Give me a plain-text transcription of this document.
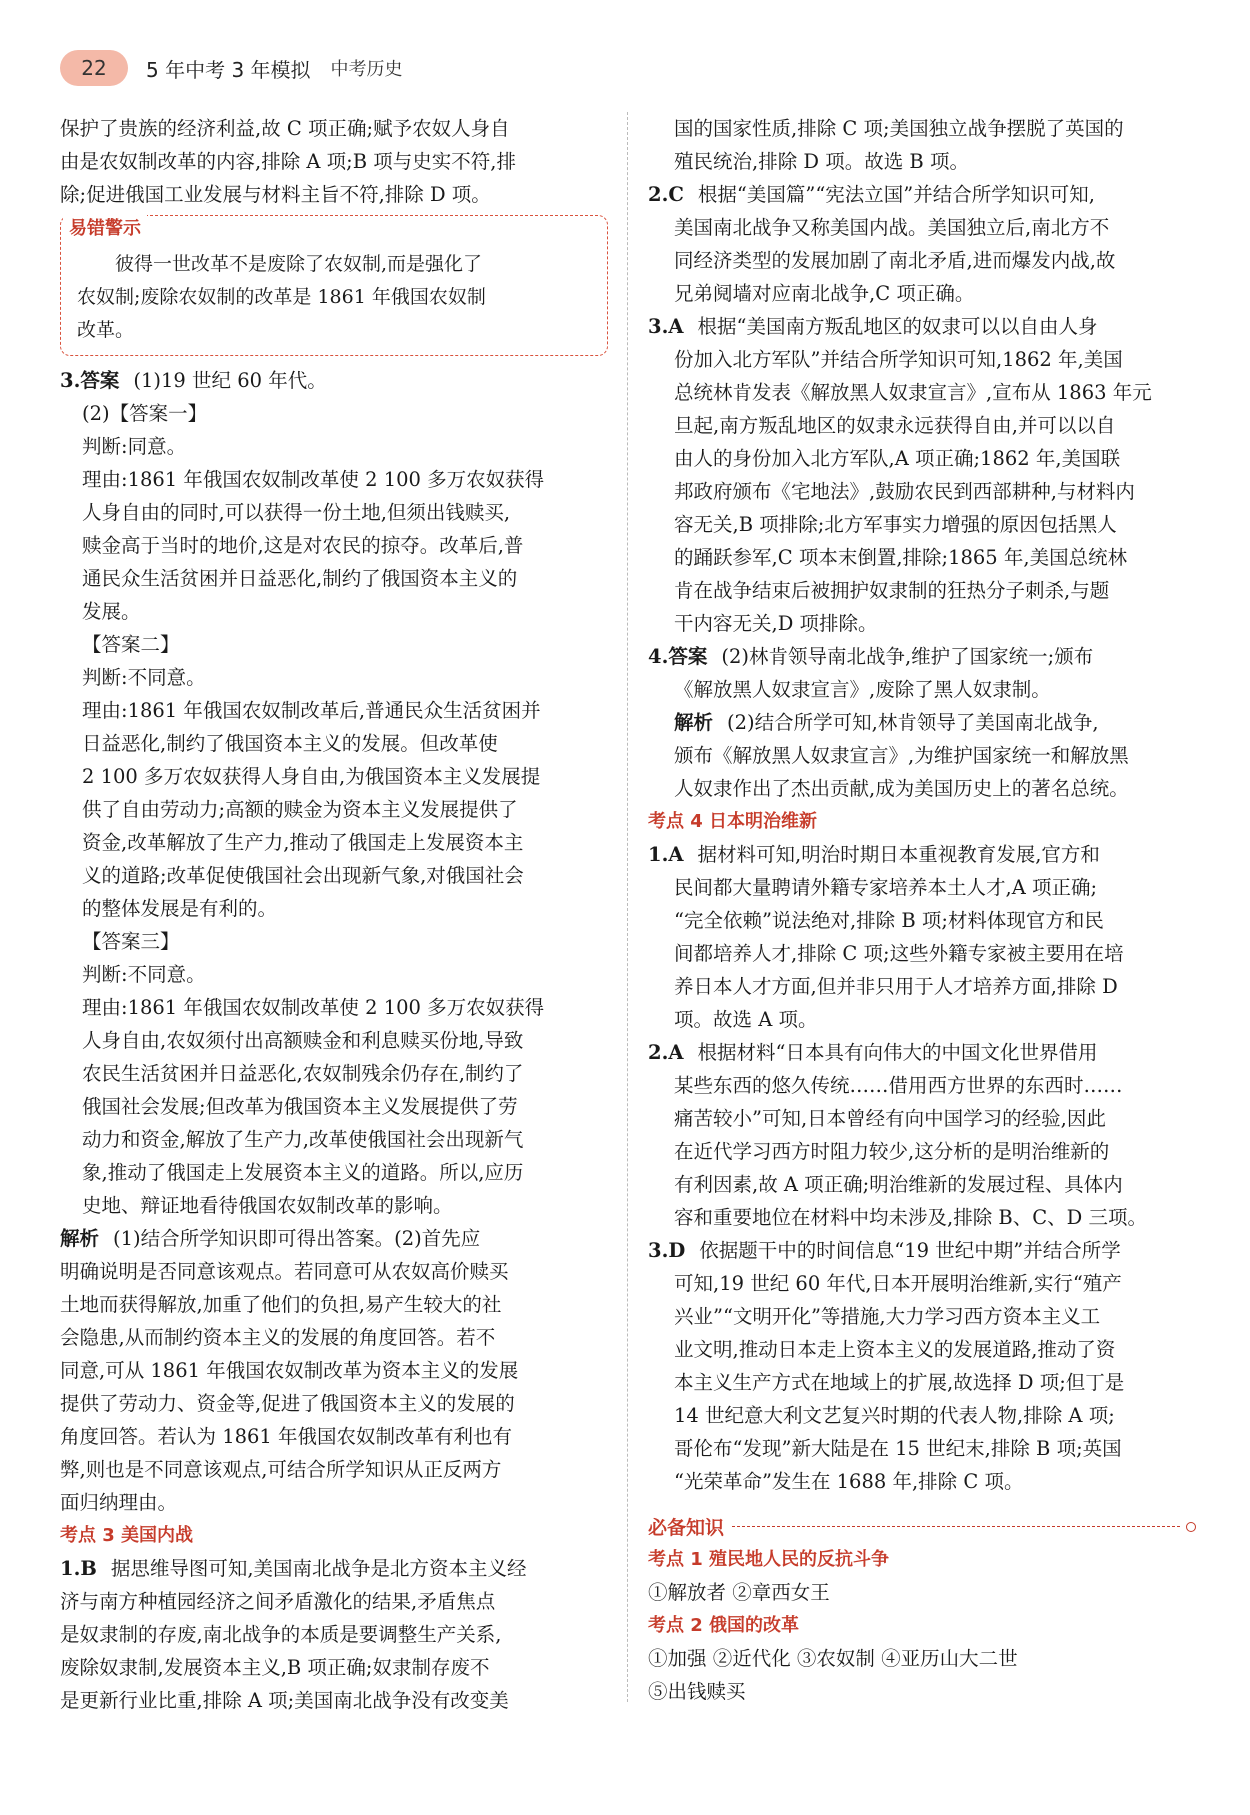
22	5 年中考 3 年模拟 中考历史
保护了贵族的经济利益,故 C 项正确;赋予农奴人身自
由是农奴制改革的内容,排除 A 项;B 项与史实不符,排
除;促进俄国工业发展与材料主旨不符,排除 D 项。
易错警示
彼得一世改革不是废除了农奴制,而是强化了
农奴制;废除农奴制的改革是 1861 年俄国农奴制
改革。
3.答案 (1)19 世纪 60 年代。
(2)【答案一】
判断:同意。
理由:1861 年俄国农奴制改革使 2 100 多万农奴获得
人身自由的同时,可以获得一份土地,但须出钱赎买,
赎金高于当时的地价,这是对农民的掠夺。改革后,普
通民众生活贫困并日益恶化,制约了俄国资本主义的
发展。
【答案二】
判断:不同意。
理由:1861 年俄国农奴制改革后,普通民众生活贫困并
日益恶化,制约了俄国资本主义的发展。但改革使
2 100 多万农奴获得人身自由,为俄国资本主义发展提
供了自由劳动力;高额的赎金为资本主义发展提供了
资金,改革解放了生产力,推动了俄国走上发展资本主
义的道路;改革促使俄国社会出现新气象,对俄国社会
的整体发展是有利的。
【答案三】
判断:不同意。
理由:1861 年俄国农奴制改革使 2 100 多万农奴获得
人身自由,农奴须付出高额赎金和利息赎买份地,导致
农民生活贫困并日益恶化,农奴制残余仍存在,制约了
俄国社会发展;但改革为俄国资本主义发展提供了劳
动力和资金,解放了生产力,改革使俄国社会出现新气
象,推动了俄国走上发展资本主义的道路。所以,应历
史地、辩证地看待俄国农奴制改革的影响。
解析 (1)结合所学知识即可得出答案。(2)首先应
明确说明是否同意该观点。若同意可从农奴高价赎买
土地而获得解放,加重了他们的负担,易产生较大的社
会隐患,从而制约资本主义的发展的角度回答。若不
同意,可从 1861 年俄国农奴制改革为资本主义的发展
提供了劳动力、资金等,促进了俄国资本主义的发展的
角度回答。若认为 1861 年俄国农奴制改革有利也有
弊,则也是不同意该观点,可结合所学知识从正反两方
面归纳理由。
考点 3 美国内战
1.B 据思维导图可知,美国南北战争是北方资本主义经
济与南方种植园经济之间矛盾激化的结果,矛盾焦点
是奴隶制的存废,南北战争的本质是要调整生产关系,
废除奴隶制,发展资本主义,B 项正确;奴隶制存废不
是更新行业比重,排除 A 项;美国南北战争没有改变美
国的国家性质,排除 C 项;美国独立战争摆脱了英国的
殖民统治,排除 D 项。故选 B 项。
2.C 根据“美国篇”“宪法立国”并结合所学知识可知,
美国南北战争又称美国内战。美国独立后,南北方不
同经济类型的发展加剧了南北矛盾,进而爆发内战,故
兄弟阋墙对应南北战争,C 项正确。
3.A 根据“美国南方叛乱地区的奴隶可以以自由人身
份加入北方军队”并结合所学知识可知,1862 年,美国
总统林肯发表《解放黑人奴隶宣言》,宣布从 1863 年元
旦起,南方叛乱地区的奴隶永远获得自由,并可以以自
由人的身份加入北方军队,A 项正确;1862 年,美国联
邦政府颁布《宅地法》,鼓励农民到西部耕种,与材料内
容无关,B 项排除;北方军事实力增强的原因包括黑人
的踊跃参军,C 项本末倒置,排除;1865 年,美国总统林
肯在战争结束后被拥护奴隶制的狂热分子刺杀,与题
干内容无关,D 项排除。
4.答案 (2)林肯领导南北战争,维护了国家统一;颁布
《解放黑人奴隶宣言》,废除了黑人奴隶制。
解析 (2)结合所学可知,林肯领导了美国南北战争,
颁布《解放黑人奴隶宣言》,为维护国家统一和解放黑
人奴隶作出了杰出贡献,成为美国历史上的著名总统。
考点 4 日本明治维新
1.A 据材料可知,明治时期日本重视教育发展,官方和
民间都大量聘请外籍专家培养本土人才,A 项正确;
“完全依赖”说法绝对,排除 B 项;材料体现官方和民
间都培养人才,排除 C 项;这些外籍专家被主要用在培
养日本人才方面,但并非只用于人才培养方面,排除 D
项。故选 A 项。
2.A 根据材料“日本具有向伟大的中国文化世界借用
某些东西的悠久传统……借用西方世界的东西时……
痛苦较小”可知,日本曾经有向中国学习的经验,因此
在近代学习西方时阻力较少,这分析的是明治维新的
有利因素,故 A 项正确;明治维新的发展过程、具体内
容和重要地位在材料中均未涉及,排除 B、C、D 三项。
3.D 依据题干中的时间信息“19 世纪中期”并结合所学
可知,19 世纪 60 年代,日本开展明治维新,实行“殖产
兴业”“文明开化”等措施,大力学习西方资本主义工
业文明,推动日本走上资本主义的发展道路,推动了资
本主义生产方式在地域上的扩展,故选择 D 项;但丁是
14 世纪意大利文艺复兴时期的代表人物,排除 A 项;
哥伦布“发现”新大陆是在 15 世纪末,排除 B 项;英国
“光荣革命”发生在 1688 年,排除 C 项。
必备知识
考点 1 殖民地人民的反抗斗争
①解放者 ②章西女王
考点 2 俄国的改革
①加强 ②近代化 ③农奴制 ④亚历山大二世
⑤出钱赎买
